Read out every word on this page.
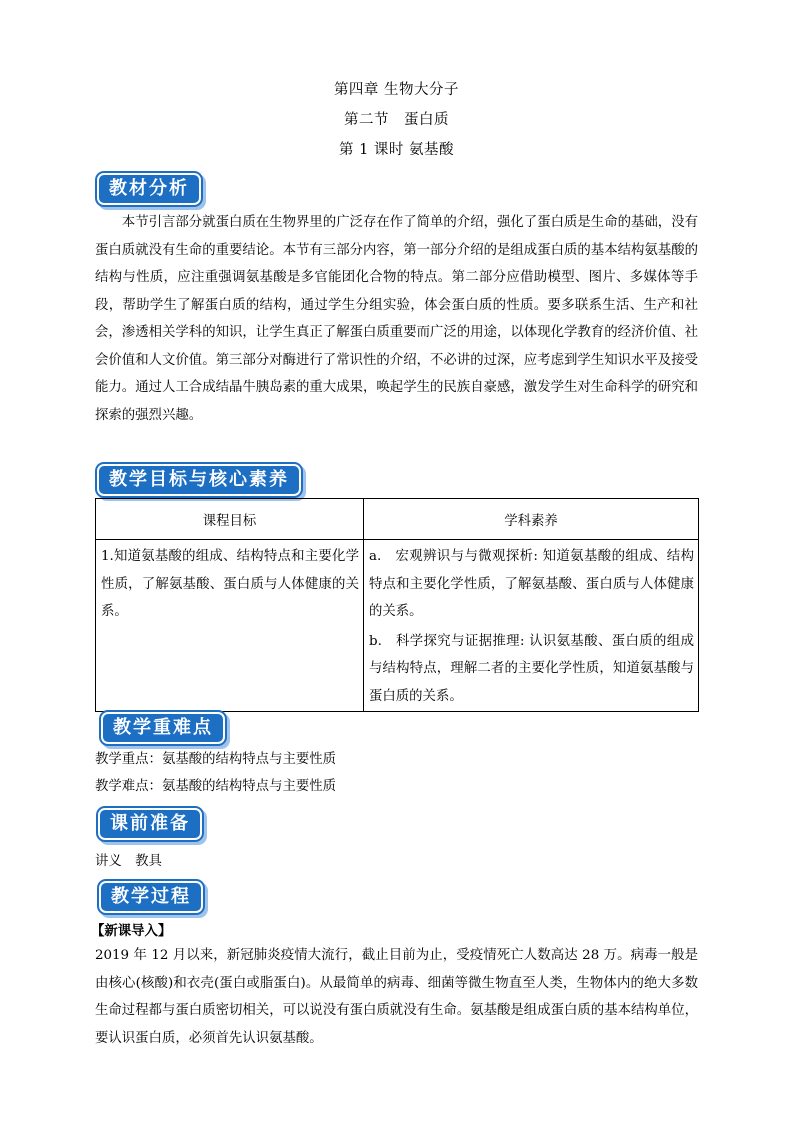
第四章 生物大分子
第二节　蛋白质
第 1 课时 氨基酸
教材分析

本节引言部分就蛋白质在生物界里的广泛存在作了简单的介绍，强化了蛋白质是生命的基础，没有蛋白质就没有生命的重要结论。本节有三部分内容，第一部分介绍的是组成蛋白质的基本结构氨基酸的结构与性质，应注重强调氨基酸是多官能团化合物的特点。第二部分应借助模型、图片、多媒体等手段，帮助学生了解蛋白质的结构，通过学生分组实验，体会蛋白质的性质。要多联系生活、生产和社会，渗透相关学科的知识，让学生真正了解蛋白质重要而广泛的用途，以体现化学教育的经济价值、社会价值和人文价值。第三部分对酶进行了常识性的介绍，不必讲的过深，应考虑到学生知识水平及接受能力。通过人工合成结晶牛胰岛素的重大成果，唤起学生的民族自豪感，激发学生对生命科学的研究和探索的强烈兴趣。

教学目标与核心素养
课程目标	学科素养

1.知道氨基酸的组成、结构特点和主要化学性质，了解氨基酸、蛋白质与人体健康的关系。	a.　宏观辨识与与微观探析: 知道氨基酸的组成、结构特点和主要化学性质，了解氨基酸、蛋白质与人体健康的关系。

b.　科学探究与证据推理: 认识氨基酸、蛋白质的组成与结构特点，理解二者的主要化学性质，知道氨基酸与蛋白质的关系。

教学重难点
教学重点：氨基酸的结构特点与主要性质
教学难点：氨基酸的结构特点与主要性质
课前准备
讲义　教具
教学过程
【新课导入】

2019 年 12 月以来，新冠肺炎疫情大流行，截止目前为止，受疫情死亡人数高达 28 万。病毒一般是由核心(核酸)和衣壳(蛋白或脂蛋白)。从最简单的病毒、细菌等微生物直至人类，生物体内的绝大多数生命过程都与蛋白质密切相关，可以说没有蛋白质就没有生命。氨基酸是组成蛋白质的基本结构单位，要认识蛋白质，必须首先认识氨基酸。
